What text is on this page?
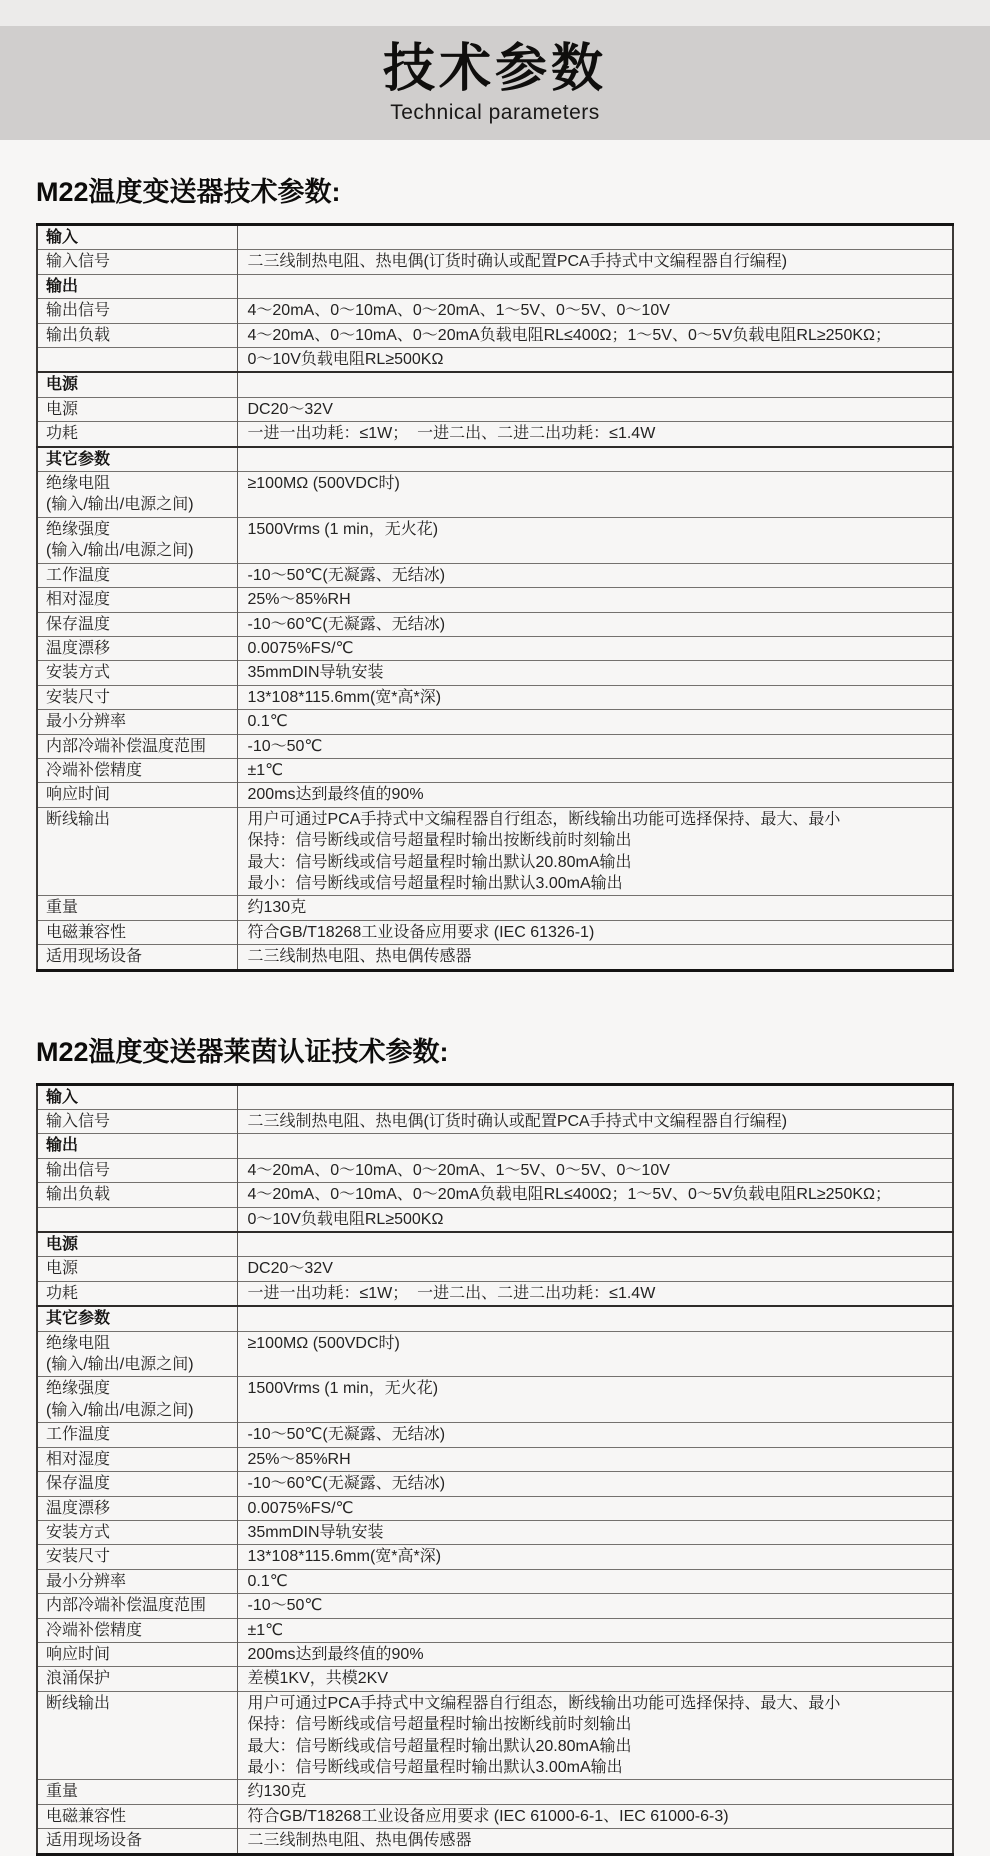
技术参数
Technical parameters
M22温度变送器技术参数:
输入	

输入信号	二三线制热电阻、热电偶(订货时确认或配置PCA手持式中文编程器自行编程)

输出	

输出信号	4～20mA、0～10mA、0～20mA、1～5V、0～5V、0～10V

输出负载	4～20mA、0～10mA、0～20mA负载电阻RL≤400Ω；1～5V、0～5V负载电阻RL≥250KΩ；

	0～10V负载电阻RL≥500KΩ

电源	

电源	DC20～32V

功耗	一进一出功耗：≤1W；  一进二出、二进二出功耗：≤1.4W

其它参数	

绝缘电阻
(输入/输出/电源之间)	≥100MΩ (500VDC时)

绝缘强度
(输入/输出/电源之间)	1500Vrms (1 min，无火花)

工作温度	-10～50℃(无凝露、无结冰)

相对湿度	25%～85%RH

保存温度	-10～60℃(无凝露、无结冰)

温度漂移	0.0075%FS/℃

安装方式	35mmDIN导轨安装

安装尺寸	13*108*115.6mm(宽*高*深)

最小分辨率	0.1℃

内部冷端补偿温度范围	-10～50℃

冷端补偿精度	±1℃

响应时间	200ms达到最终值的90%

断线输出	用户可通过PCA手持式中文编程器自行组态，断线输出功能可选择保持、最大、最小
保持：信号断线或信号超量程时输出按断线前时刻输出
最大：信号断线或信号超量程时输出默认20.80mA输出
最小：信号断线或信号超量程时输出默认3.00mA输出

重量	约130克

电磁兼容性	符合GB/T18268工业设备应用要求 (IEC 61326-1)

适用现场设备	二三线制热电阻、热电偶传感器
M22温度变送器莱茵认证技术参数:
输入	

输入信号	二三线制热电阻、热电偶(订货时确认或配置PCA手持式中文编程器自行编程)

输出	

输出信号	4～20mA、0～10mA、0～20mA、1～5V、0～5V、0～10V

输出负载	4～20mA、0～10mA、0～20mA负载电阻RL≤400Ω；1～5V、0～5V负载电阻RL≥250KΩ；

	0～10V负载电阻RL≥500KΩ

电源	

电源	DC20～32V

功耗	一进一出功耗：≤1W；  一进二出、二进二出功耗：≤1.4W

其它参数	

绝缘电阻
(输入/输出/电源之间)	≥100MΩ (500VDC时)

绝缘强度
(输入/输出/电源之间)	1500Vrms (1 min，无火花)

工作温度	-10～50℃(无凝露、无结冰)

相对湿度	25%～85%RH

保存温度	-10～60℃(无凝露、无结冰)

温度漂移	0.0075%FS/℃

安装方式	35mmDIN导轨安装

安装尺寸	13*108*115.6mm(宽*高*深)

最小分辨率	0.1℃

内部冷端补偿温度范围	-10～50℃

冷端补偿精度	±1℃

响应时间	200ms达到最终值的90%

浪涌保护	差模1KV，共模2KV

断线输出	用户可通过PCA手持式中文编程器自行组态，断线输出功能可选择保持、最大、最小
保持：信号断线或信号超量程时输出按断线前时刻输出
最大：信号断线或信号超量程时输出默认20.80mA输出
最小：信号断线或信号超量程时输出默认3.00mA输出

重量	约130克

电磁兼容性	符合GB/T18268工业设备应用要求 (IEC 61000-6-1、IEC 61000-6-3)

适用现场设备	二三线制热电阻、热电偶传感器
